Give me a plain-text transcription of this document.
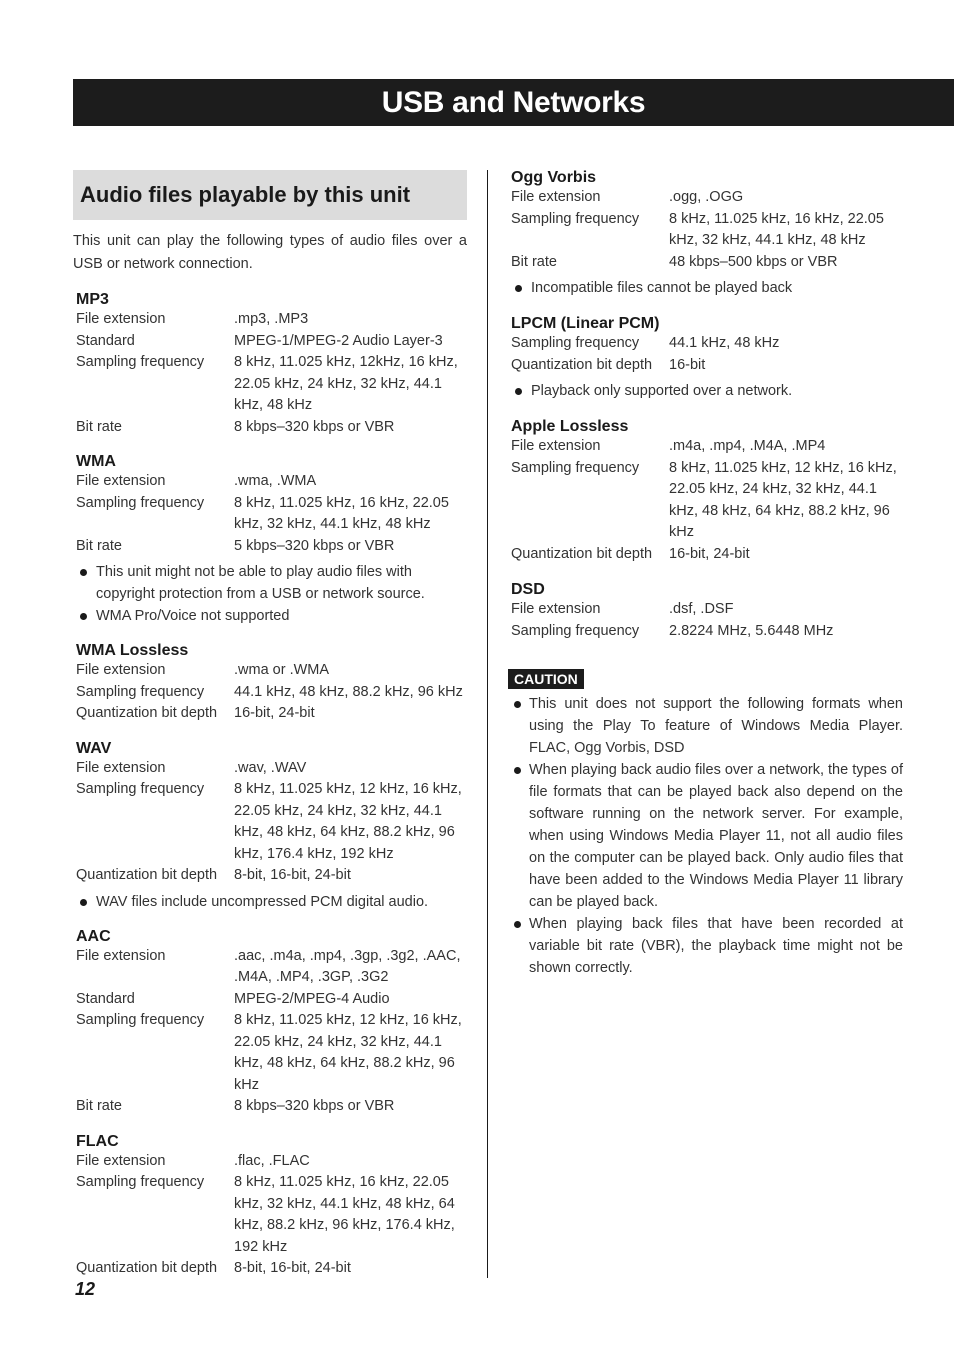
USB and Networks
Audio files playable by this unit

This unit can play the following types of audio files over a USB or network connection.

MP3
File extension	.mp3, .MP3
Standard	MPEG-1/MPEG-2 Audio Layer-3
Sampling frequency	8 kHz, 11.025 kHz, 12kHz, 16 kHz, 22.05 kHz, 24 kHz, 32 kHz, 44.1 kHz, 48 kHz
Bit rate	8 kbps–320 kbps or VBR
WMA
File extension	.wma, .WMA
Sampling frequency	8 kHz, 11.025 kHz, 16 kHz, 22.05 kHz, 32 kHz, 44.1 kHz, 48 kHz
Bit rate	5 kbps–320 kbps or VBR
This unit might not be able to play audio files with copyright protection from a USB or network source.
WMA Pro/Voice not supported
WMA Lossless
File extension	.wma or .WMA
Sampling frequency	44.1 kHz, 48 kHz, 88.2 kHz, 96 kHz
Quantization bit depth	16-bit, 24-bit
WAV
File extension	.wav, .WAV
Sampling frequency	8 kHz, 11.025 kHz, 12 kHz, 16 kHz, 22.05 kHz, 24 kHz, 32 kHz, 44.1 kHz, 48 kHz, 64 kHz, 88.2 kHz, 96 kHz, 176.4 kHz, 192 kHz
Quantization bit depth	8-bit, 16-bit, 24-bit
WAV files include uncompressed PCM digital audio.
AAC
File extension	.aac, .m4a, .mp4, .3gp, .3g2, .AAC, .M4A, .MP4, .3GP, .3G2
Standard	MPEG-2/MPEG-4 Audio
Sampling frequency	8 kHz, 11.025 kHz, 12 kHz, 16 kHz, 22.05 kHz, 24 kHz, 32 kHz, 44.1 kHz, 48 kHz, 64 kHz, 88.2 kHz, 96 kHz
Bit rate	8 kbps–320 kbps or VBR
FLAC
File extension	.flac, .FLAC
Sampling frequency	8 kHz, 11.025 kHz, 16 kHz, 22.05 kHz, 32 kHz, 44.1 kHz, 48 kHz, 64 kHz, 88.2 kHz, 96 kHz, 176.4 kHz, 192 kHz
Quantization bit depth	8-bit, 16-bit, 24-bit
Ogg Vorbis
File extension	.ogg, .OGG
Sampling frequency	8 kHz, 11.025 kHz, 16 kHz, 22.05 kHz, 32 kHz, 44.1 kHz, 48 kHz
Bit rate	48 kbps–500 kbps or VBR
Incompatible files cannot be played back
LPCM (Linear PCM)
Sampling frequency	44.1 kHz, 48 kHz
Quantization bit depth	16-bit
Playback only supported over a network.
Apple Lossless
File extension	.m4a, .mp4, .M4A, .MP4
Sampling frequency	8 kHz, 11.025 kHz, 12 kHz, 16 kHz, 22.05 kHz, 24 kHz, 32 kHz, 44.1 kHz, 48 kHz, 64 kHz, 88.2 kHz, 96 kHz
Quantization bit depth	16-bit, 24-bit
DSD
File extension	.dsf, .DSF
Sampling frequency	2.8224 MHz, 5.6448 MHz
CAUTION
This unit does not support the following formats when using the Play To feature of Windows Media Player. FLAC, Ogg Vorbis, DSD
When playing back audio files over a network, the types of file formats that can be played back also depend on the software running on the network server. For example, when using Windows Media Player 11, not all audio files on the computer can be played back. Only audio files that have been added to the Windows Media Player 11 library can be played back.
When playing back files that have been recorded at variable bit rate (VBR), the playback time might not be shown correctly.
12
